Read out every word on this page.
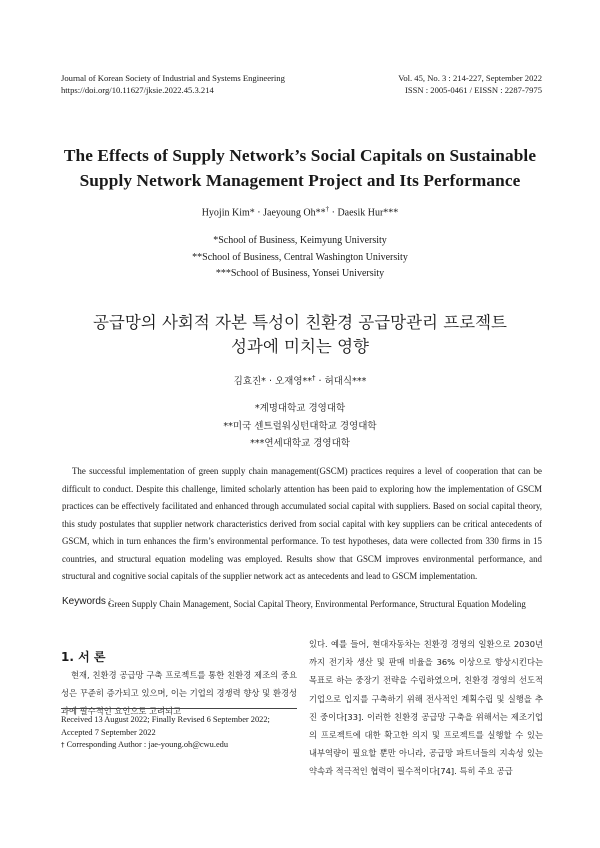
Journal of Korean Society of Industrial and Systems Engineering
https://doi.org/10.11627/jksie.2022.45.3.214
Vol. 45, No. 3 : 214-227, September 2022
ISSN : 2005-0461 / EISSN : 2287-7975
The Effects of Supply Network’s Social Capitals on Sustainable
Supply Network Management Project and Its Performance
Hyojin Kim* · Jaeyoung Oh**† · Daesik Hur***
*School of Business, Keimyung University
**School of Business, Central Washington University
***School of Business, Yonsei University
공급망의 사회적 자본 특성이 친환경 공급망관리 프로젝트
성과에 미치는 영향
김효진* · 오재영**† · 허대식***
*계명대학교 경영대학
**미국 센트럴워싱턴대학교 경영대학
***연세대학교 경영대학

The successful implementation of green supply chain management(GSCM) practices requires a level of cooperation that can be difficult to conduct. Despite this challenge, limited scholarly attention has been paid to exploring how the implementation of GSCM practices can be effectively facilitated and enhanced through accumulated social capital with suppliers. Based on social capital theory, this study postulates that supplier network characteristics derived from social capital with key suppliers can be critical antecedents of GSCM, which in turn enhances the firm’s environmental performance. To test hypotheses, data were collected from 330 firms in 15 countries, and structural equation modeling was employed. Results show that GSCM improves environmental performance, and structural and cognitive social capitals of the supplier network act as antecedents and lead to GSCM implementation.

Keywords :
Green Supply Chain Management, Social Capital Theory, Environmental Performance, Structural Equation Modeling
1. 서 론

현재, 친환경 공급망 구축 프로젝트를 통한 친환경 제조의 중요성은 꾸준히 증가되고 있으며, 이는 기업의 경쟁력 향상 및 환경성과에 필수적인 요인으로 고려되고

있다. 예를 들어, 현대자동차는 친환경 경영의 일환으로 2030년까지 전기차 생산 및 판매 비율을 36% 이상으로 향상시킨다는 목표로 하는 중장기 전략을 수립하였으며, 친환경 경영의 선도적 기업으로 입지를 구축하기 위해 전사적인 계획수립 및 실행을 추진 중이다[33]. 이러한 친환경 공급망 구축을 위해서는 제조기업의 프로젝트에 대한 확고한 의지 및 프로젝트를 실행할 수 있는 내부역량이 필요할 뿐만 아니라, 공급망 파트너들의 지속성 있는 약속과 적극적인 협력이 필수적이다[74]. 특히 주요 공급

Received 13 August 2022; Finally Revised 6 September 2022;
Accepted 7 September 2022
† Corresponding Author : jae-young.oh@cwu.edu
